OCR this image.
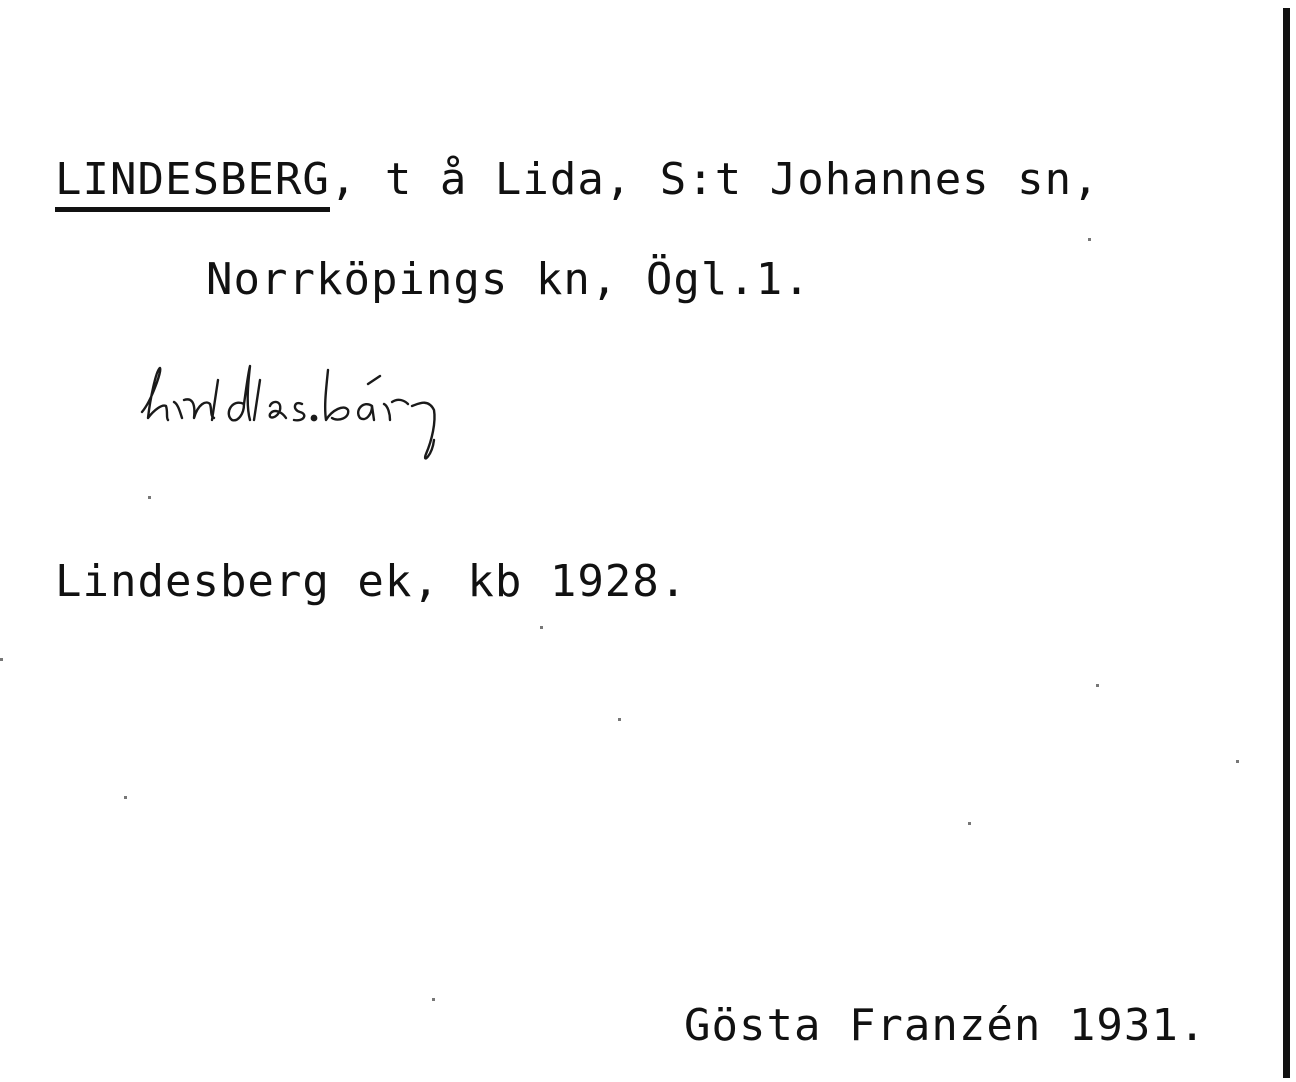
LINDESBERG, t å Lida, S:t Johannes sn,
Norrköpings kn, Ögl.1.
Lindesberg ek, kb 1928.
Gösta Franzén 1931.
